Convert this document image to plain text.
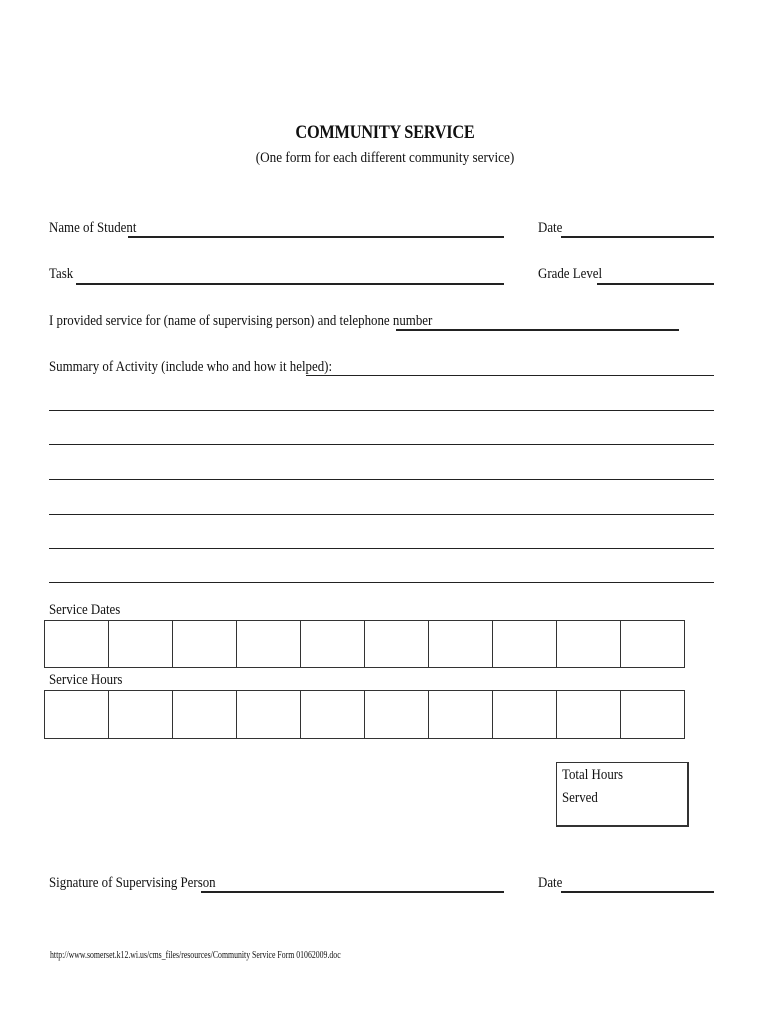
COMMUNITY SERVICE
(One form for each different community service)
Name of Student	Date
Task	Grade Level
I provided service for (name of supervising person) and telephone number
Summary of Activity (include who and how it helped):
Service Dates

Service Hours

Total Hours
Served
Signature of Supervising Person	Date
http://www.somerset.k12.wi.us/cms_files/resources/Community Service Form 01062009.doc
